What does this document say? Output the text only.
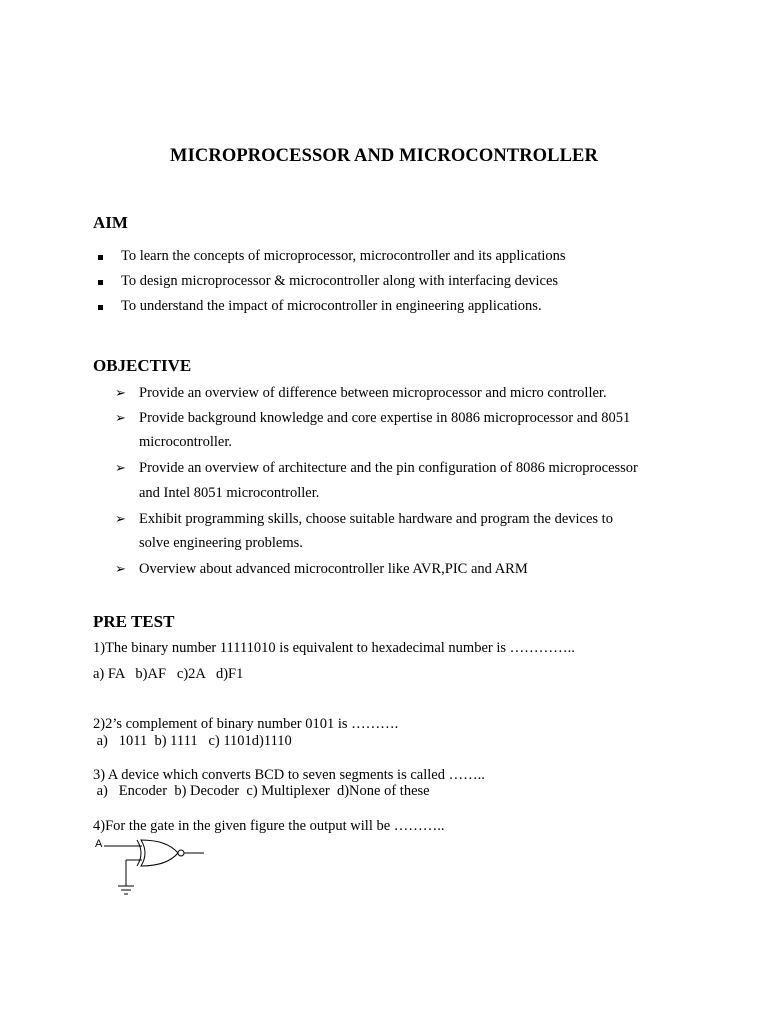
MICROPROCESSOR AND MICROCONTROLLER
AIM
To learn the concepts of microprocessor, microcontroller and its applications
To design microprocessor & microcontroller along with interfacing devices
To understand the impact of microcontroller in engineering applications.
OBJECTIVE
➢ Provide an overview of difference between microprocessor and micro controller.
➢ Provide background knowledge and core expertise in 8086 microprocessor and 8051
microcontroller.
➢ Provide an overview of architecture and the pin configuration of 8086 microprocessor
and Intel 8051 microcontroller.
➢ Exhibit programming skills, choose suitable hardware and program the devices to
solve engineering problems.
➢ Overview about advanced microcontroller like AVR,PIC and ARM
PRE TEST
1)The binary number 11111010 is equivalent to hexadecimal number is …………..
a) FA   b)AF   c)2A   d)F1
2)2’s complement of binary number 0101 is ……….
a)   1011  b) 1111   c) 1101d)1110
3) A device which converts BCD to seven segments is called ……..
a)   Encoder  b) Decoder  c) Multiplexer  d)None of these
4)For the gate in the given figure the output will be ………..
A
